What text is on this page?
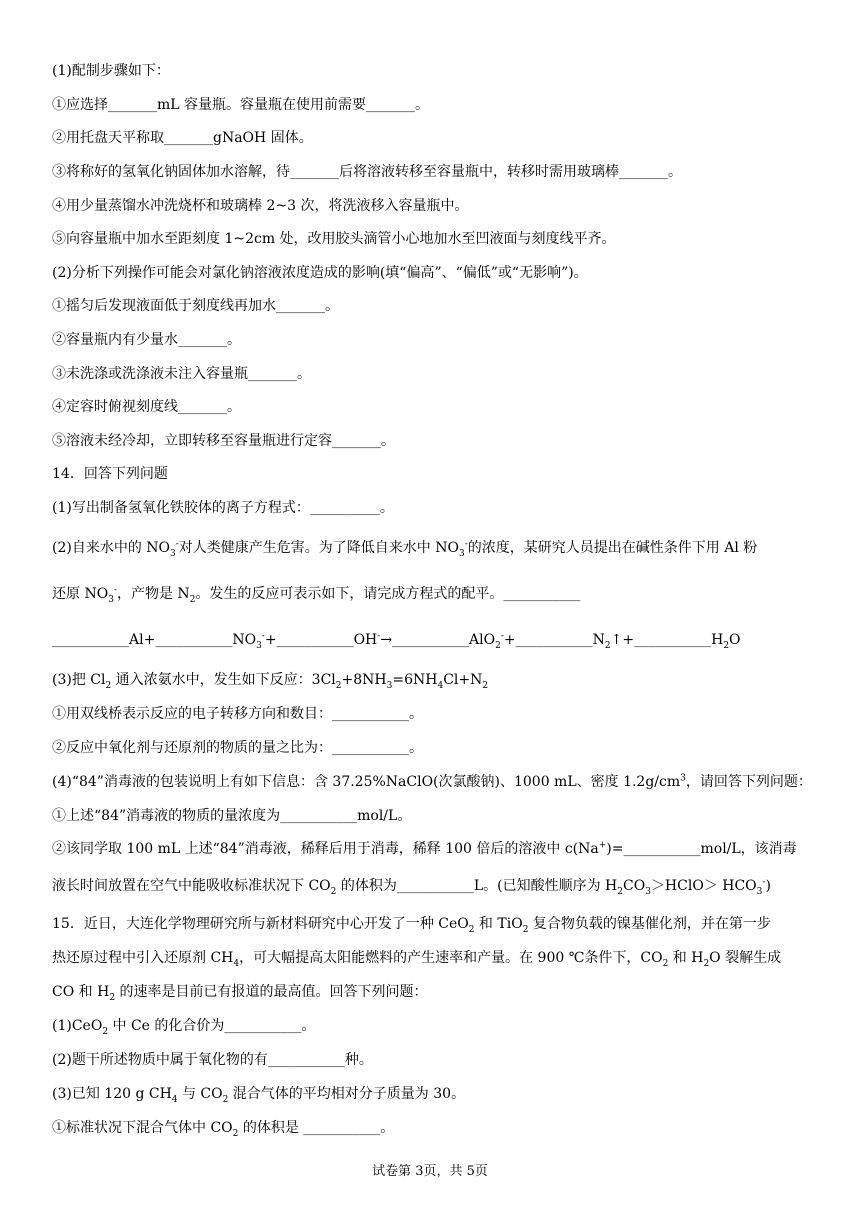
(1)配制步骤如下：
①应选择_______mL 容量瓶。容量瓶在使用前需要_______。
②用托盘天平称取_______gNaOH 固体。
③将称好的氢氧化钠固体加水溶解，待_______后将溶液转移至容量瓶中，转移时需用玻璃棒_______。
④用少量蒸馏水冲洗烧杯和玻璃棒 2~3 次，将洗液移入容量瓶中。
⑤向容量瓶中加水至距刻度 1~2cm 处，改用胶头滴管小心地加水至凹液面与刻度线平齐。
(2)分析下列操作可能会对氯化钠溶液浓度造成的影响(填“偏高”、“偏低”或“无影响”)。
①摇匀后发现液面低于刻度线再加水_______。
②容量瓶内有少量水_______。
③未洗涤或洗涤液未注入容量瓶_______。
④定容时俯视刻度线_______。
⑤溶液未经冷却，立即转移至容量瓶进行定容_______。
14．回答下列问题
(1)写出制备氢氧化铁胶体的离子方程式：__________。
(2)自来水中的 $NO_3^-$对人类健康产生危害。为了降低自来水中 $NO_3^-$的浓度，某研究人员提出在碱性条件下用 Al 粉
还原 $NO_3^-$，产物是 $N_2$。发生的反应可表示如下，请完成方程式的配平。___________
$\_\_\_\_\_\_\_\_\_\_\_Al+\_\_\_\_\_\_\_\_\_\_\_NO_3^-+\_\_\_\_\_\_\_\_\_\_\_OH^-\to\_\_\_\_\_\_\_\_\_\_\_AlO_2^-+\_\_\_\_\_\_\_\_\_\_\_N_2↑+\_\_\_\_\_\_\_\_\_\_\_H_2O$
(3)把 $Cl_2$ 通入浓氨水中，发生如下反应：$3Cl_2+8NH_3=6NH_4Cl+N_2$
①用双线桥表示反应的电子转移方向和数目：___________。
②反应中氧化剂与还原剂的物质的量之比为：___________。
(4)“84”消毒液的包装说明上有如下信息：含 37.25%NaClO(次氯酸钠)、1000 mL、密度 $1.2g/cm^3$，请回答下列问题：
①上述“84”消毒液的物质的量浓度为___________mol/L。
②该同学取 100 mL 上述“84”消毒液，稀释后用于消毒，稀释 100 倍后的溶液中 c(Na+)=___________mol/L，该消毒
液长时间放置在空气中能吸收标准状况下 $CO_2$ 的体积为___________L。(已知酸性顺序为 $H_2CO_3>HClO> HCO_3^-$)
15．近日，大连化学物理研究所与新材料研究中心开发了一种 CeO$_2$ 和 TiO$_2$ 复合物负载的镍基催化剂，并在第一步
热还原过程中引入还原剂 $CH_4$，可大幅提高太阳能燃料的产生速率和产量。在 900 ℃条件下，$CO_2$ 和 $H_2O$ 裂解生成
CO 和 $H_2$ 的速率是目前已有报道的最高值。回答下列问题：
(1)CeO$_2$ 中 Ce 的化合价为___________。
(2)题干所述物质中属于氧化物的有___________种。
(3)已知 120 g $CH_4$ 与 $CO_2$ 混合气体的平均相对分子质量为 30。
①标准状况下混合气体中 $CO_2$ 的体积是 ___________。
试卷第 3页，共 5页
